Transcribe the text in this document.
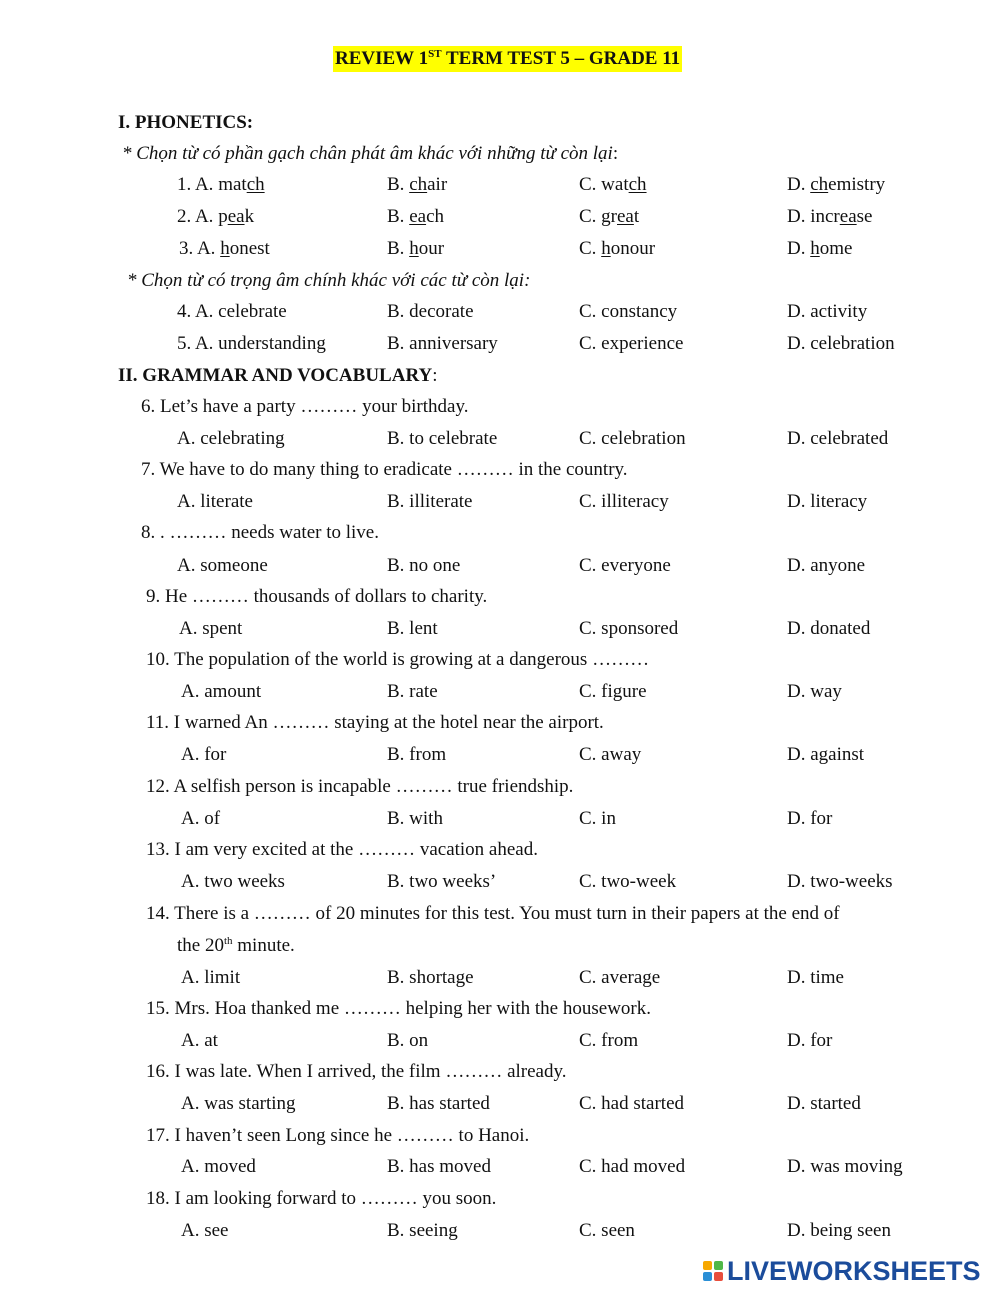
REVIEW 1ST TERM TEST 5 – GRADE 11
I. PHONETICS:
* Chọn từ có phần gạch chân phát âm khác với những từ còn lại:
1. A. match	B. chair	C. watch	D. chemistry
2. A. peak	B. each	C. great	D. increase
3. A. honest	B. hour	C. honour	D. home
* Chọn từ có trọng âm chính khác với các từ còn lại:
4. A. celebrate	B. decorate	C. constancy	D. activity
5. A. understanding	B. anniversary	C. experience	D. celebration
II. GRAMMAR AND VOCABULARY:
6. Let’s have a party ……… your birthday.
A. celebrating	B. to celebrate	C. celebration	D. celebrated
7. We have to do many thing to eradicate ……… in the country.
A. literate	B. illiterate	C. illiteracy	D. literacy
8. . ……… needs water to live.
A. someone	B. no one	C. everyone	D. anyone
9. He ……… thousands of dollars to charity.
A. spent	B. lent	C. sponsored	D. donated
10. The population of the world is growing at a dangerous ………
A. amount	B. rate	C. figure	D. way
11. I warned An ……… staying at the hotel near the airport.
A. for	B. from	C. away	D. against
12. A selfish person is incapable ……… true friendship.
A. of	B. with	C. in	D. for
13. I am very excited at the ……… vacation ahead.
A. two weeks	B. two weeks’	C. two-week	D. two-weeks
14. There is a ……… of 20 minutes for this test. You must turn in their papers at the end of
the 20th minute.
A. limit	B. shortage	C. average	D. time
15. Mrs. Hoa thanked me ……… helping her with the housework.
A. at	B. on	C. from	D. for
16. I was late. When I arrived, the film ……… already.
A. was starting	B. has started	C. had started	D. started
17. I haven’t seen Long since he ……… to Hanoi.
A. moved	B. has moved	C. had moved	D. was moving
18. I am looking forward to ……… you soon.
A. see	B. seeing	C. seen	D. being seen
LIVEWORKSHEETS
